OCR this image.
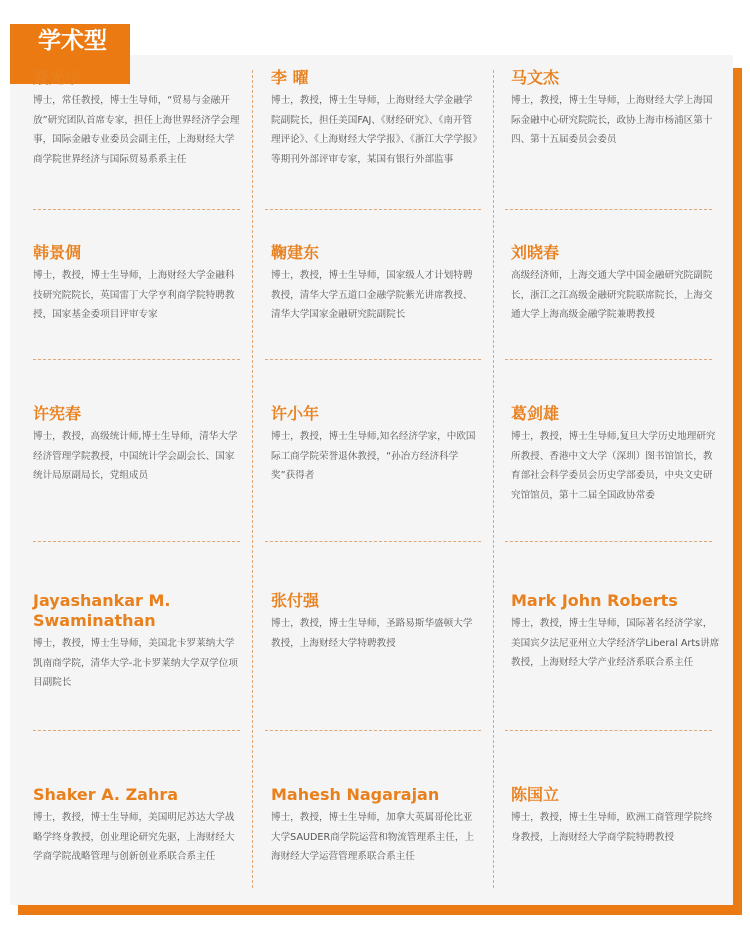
学术型
聂光宇
博士，常任教授，博士生导师，“贸易与金融开放”研究团队首席专家，担任上海世界经济学会理事，国际金融专业委员会副主任，上海财经大学商学院世界经济与国际贸易系系主任
李 曜
博士，教授，博士生导师，上海财经大学金融学院副院长，担任美国FAJ、《财经研究》、《南开管理评论》、《上海财经大学学报》、《浙江大学学报》等期刊外部评审专家，某国有银行外部监事
马文杰
博士，教授，博士生导师，上海财经大学上海国际金融中心研究院院长，政协上海市杨浦区第十四、第十五届委员会委员
韩景倜
博士，教授，博士生导师，上海财经大学金融科技研究院院长，英国雷丁大学亨利商学院特聘教授，国家基金委项目评审专家
鞠建东
博士，教授，博士生导师，国家级人才计划特聘教授，清华大学五道口金融学院紫光讲席教授、清华大学国家金融研究院副院长
刘晓春
高级经济师，上海交通大学中国金融研究院副院长，浙江之江高级金融研究院联席院长，上海交通大学上海高级金融学院兼聘教授
许宪春
博士，教授，高级统计师,博士生导师，清华大学经济管理学院教授，中国统计学会副会长、国家统计局原副局长，党组成员
许小年
博士，教授，博士生导师,知名经济学家，中欧国际工商学院荣誉退休教授，“孙冶方经济科学奖”获得者
葛剑雄
博士，教授，博士生导师,复旦大学历史地理研究所教授、香港中文大学（深圳）图书馆馆长，教育部社会科学委员会历史学部委员，中央文史研究馆馆员，第十二届全国政协常委
Jayashankar M. Swaminathan
博士，教授，博士生导师，美国北卡罗莱纳大学凯南商学院，清华大学-北卡罗莱纳大学双学位项目副院长
张付强
博士，教授，博士生导师，圣路易斯华盛顿大学教授，上海财经大学特聘教授
Mark John Roberts
博士，教授，博士生导师，国际著名经济学家，美国宾夕法尼亚州立大学经济学Liberal Arts讲席教授，上海财经大学产业经济系联合系主任
Shaker A. Zahra
博士，教授，博士生导师，美国明尼苏达大学战略学终身教授，创业理论研究先驱，上海财经大学商学院战略管理与创新创业系联合系主任
Mahesh Nagarajan
博士，教授，博士生导师，加拿大英属哥伦比亚大学SAUDER商学院运营和物流管理系主任，上海财经大学运营管理系联合系主任
陈国立
博士，教授，博士生导师，欧洲工商管理学院终身教授，上海财经大学商学院特聘教授
